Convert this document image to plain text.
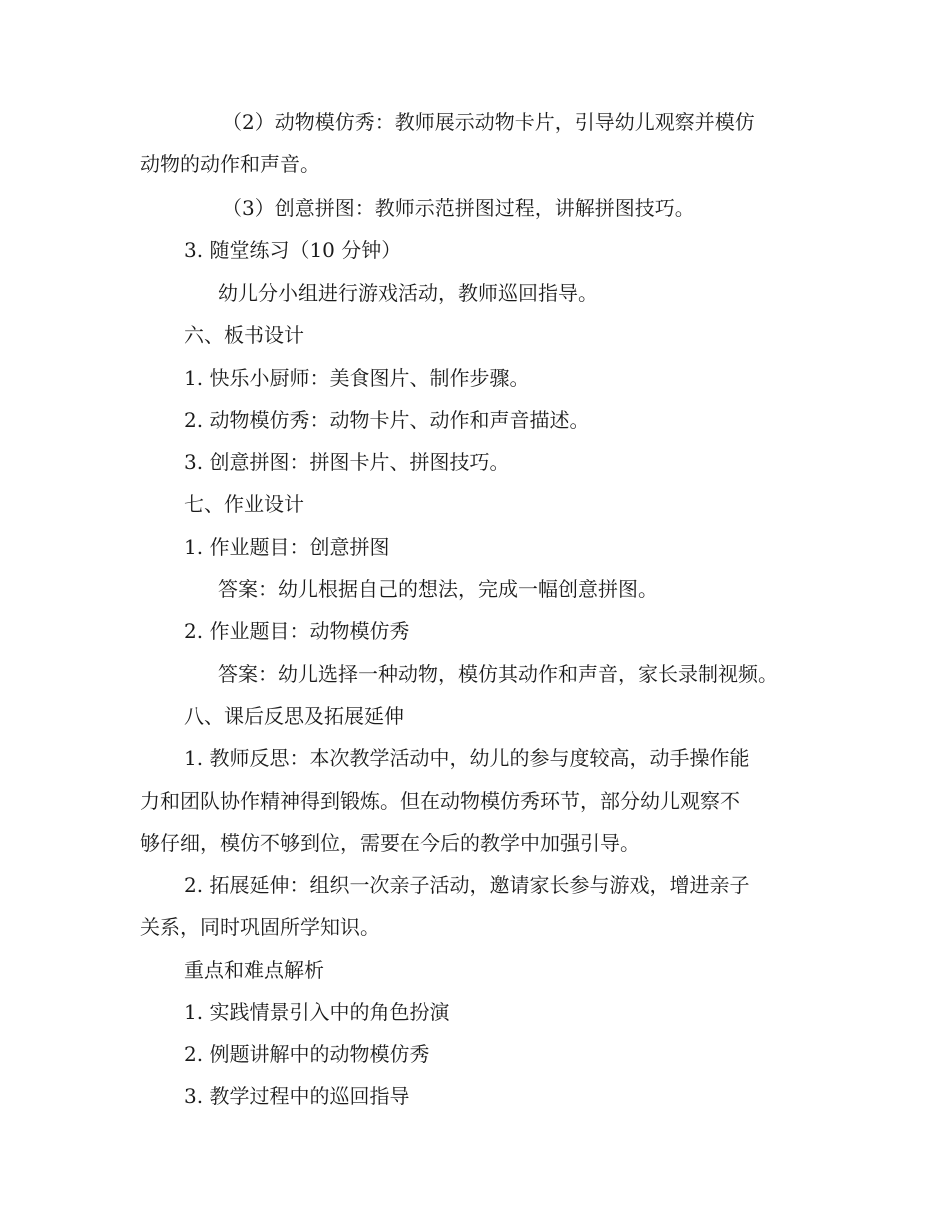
（2）动物模仿秀：教师展示动物卡片，引导幼儿观察并模仿
动物的动作和声音。
（3）创意拼图：教师示范拼图过程，讲解拼图技巧。
3. 随堂练习（10 分钟）
幼儿分小组进行游戏活动，教师巡回指导。
六、板书设计
1. 快乐小厨师：美食图片、制作步骤。
2. 动物模仿秀：动物卡片、动作和声音描述。
3. 创意拼图：拼图卡片、拼图技巧。
七、作业设计
1. 作业题目：创意拼图
答案：幼儿根据自己的想法，完成一幅创意拼图。
2. 作业题目：动物模仿秀
答案：幼儿选择一种动物，模仿其动作和声音，家长录制视频。
八、课后反思及拓展延伸
1. 教师反思：本次教学活动中，幼儿的参与度较高，动手操作能
力和团队协作精神得到锻炼。但在动物模仿秀环节，部分幼儿观察不
够仔细，模仿不够到位，需要在今后的教学中加强引导。
2. 拓展延伸：组织一次亲子活动，邀请家长参与游戏，增进亲子
关系，同时巩固所学知识。
重点和难点解析
1. 实践情景引入中的角色扮演
2. 例题讲解中的动物模仿秀
3. 教学过程中的巡回指导
